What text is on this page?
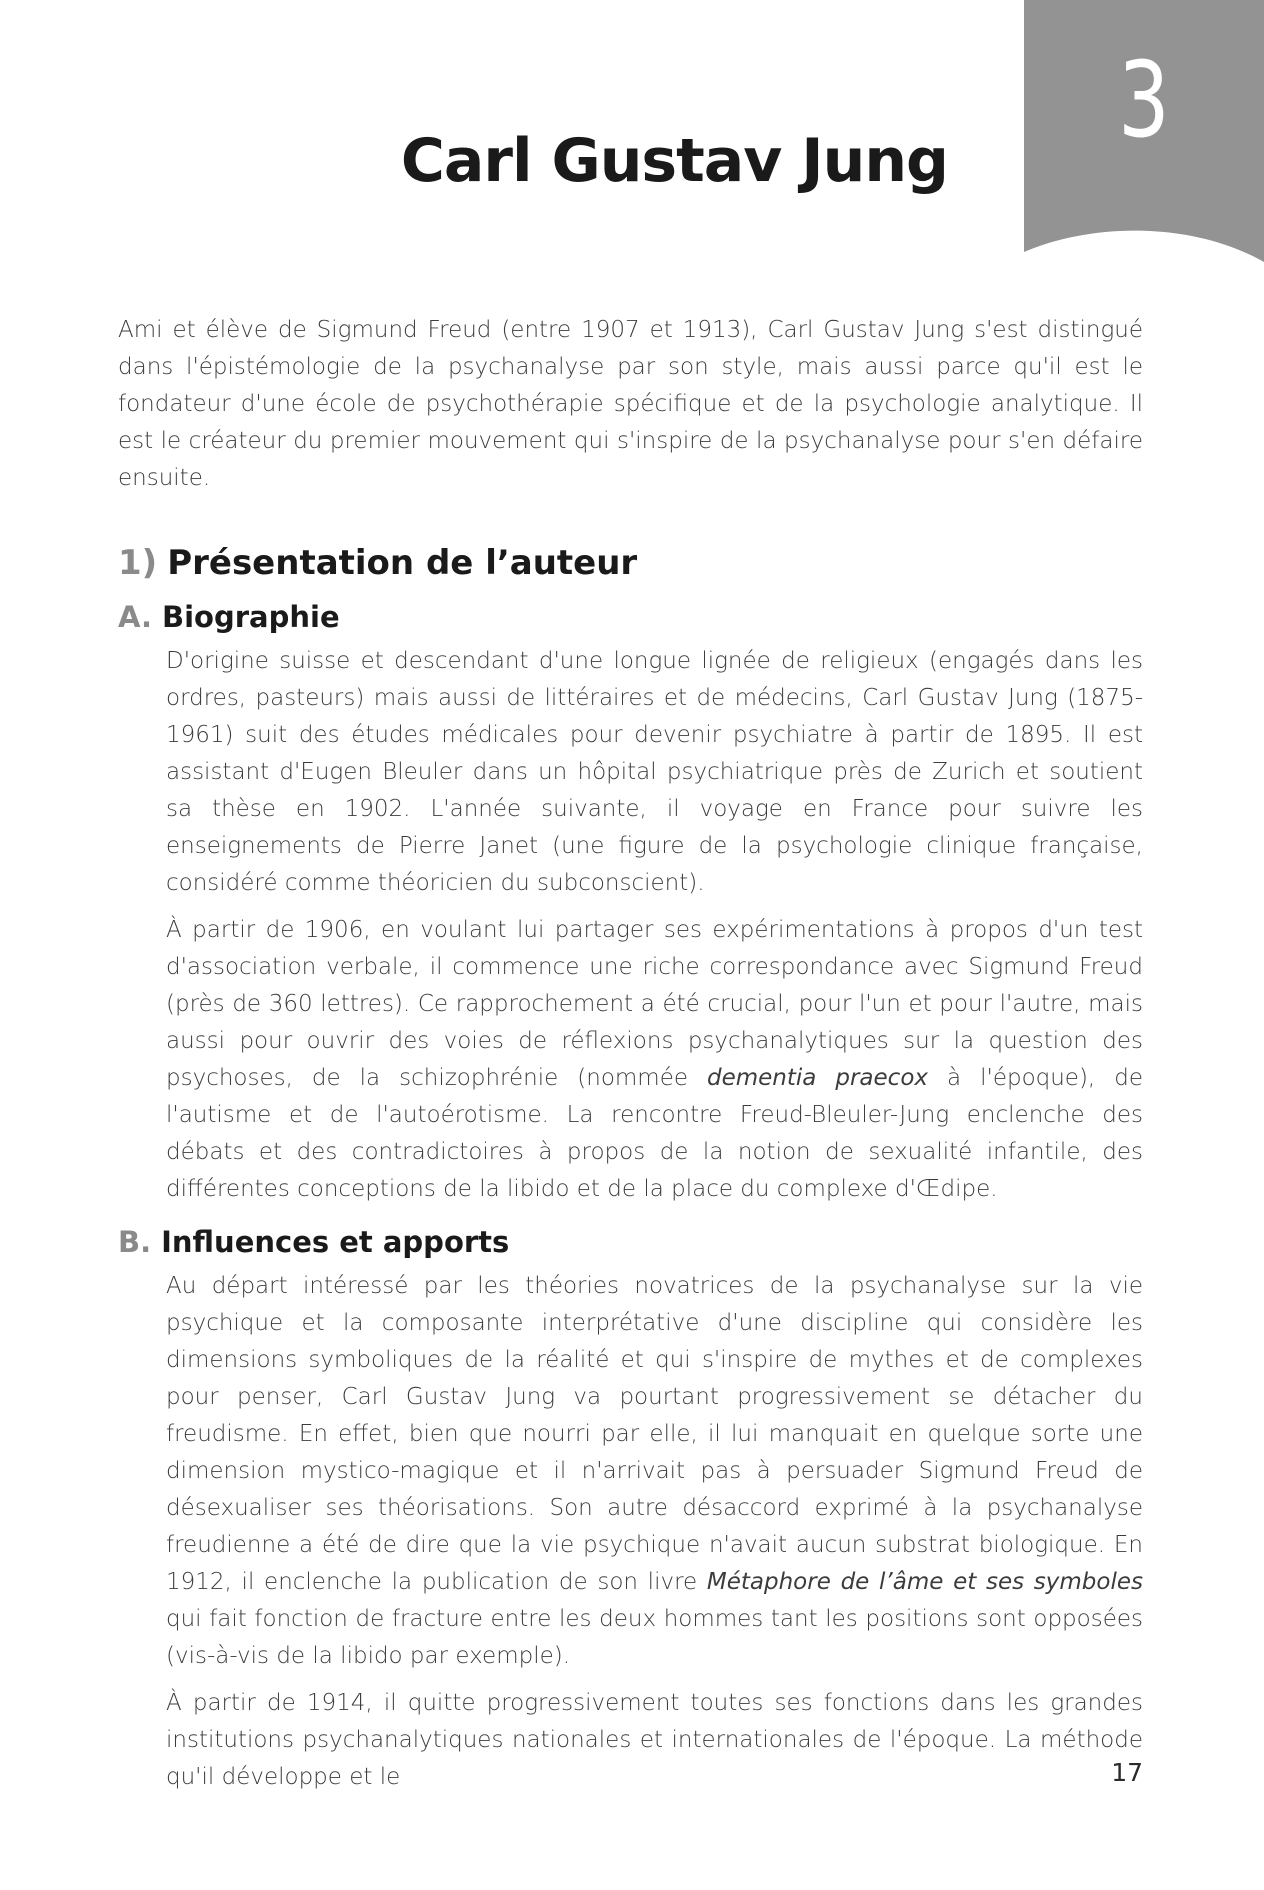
3
Carl Gustav Jung

Ami et élève de Sigmund Freud (entre 1907 et 1913), Carl Gustav Jung s'est distingué dans l'épistémologie de la psychanalyse par son style, mais aussi parce qu'il est le fondateur d'une école de psychothérapie spécifique et de la psychologie analytique. Il est le créateur du premier mouvement qui s'inspire de la psychanalyse pour s'en défaire ensuite.

1) Présentation de l’auteur
A. Biographie

D'origine suisse et descendant d'une longue lignée de religieux (engagés dans les ordres, pasteurs) mais aussi de littéraires et de médecins, Carl Gustav Jung (1875-1961) suit des études médicales pour devenir psychiatre à partir de 1895. Il est assistant d'Eugen Bleuler dans un hôpital psychiatrique près de Zurich et soutient sa thèse en 1902. L'année suivante, il voyage en France pour suivre les enseignements de Pierre Janet (une figure de la psychologie clinique française, considéré comme théoricien du subconscient).

À partir de 1906, en voulant lui partager ses expérimentations à propos d'un test d'association verbale, il commence une riche correspondance avec Sigmund Freud (près de 360 lettres). Ce rapprochement a été crucial, pour l'un et pour l'autre, mais aussi pour ouvrir des voies de réflexions psychanalytiques sur la question des psychoses, de la schizophrénie (nommée dementia praecox à l'époque), de l'autisme et de l'autoérotisme. La rencontre Freud-Bleuler-Jung enclenche des débats et des contradictoires à propos de la notion de sexualité infantile, des différentes conceptions de la libido et de la place du complexe d'Œdipe.

B. Influences et apports

Au départ intéressé par les théories novatrices de la psychanalyse sur la vie psychique et la composante interprétative d'une discipline qui considère les dimensions symboliques de la réalité et qui s'inspire de mythes et de complexes pour penser, Carl Gustav Jung va pourtant progressivement se détacher du freudisme. En effet, bien que nourri par elle, il lui manquait en quelque sorte une dimension mystico-magique et il n'arrivait pas à persuader Sigmund Freud de désexualiser ses théorisations. Son autre désaccord exprimé à la psychanalyse freudienne a été de dire que la vie psychique n'avait aucun substrat biologique. En 1912, il enclenche la publication de son livre Métaphore de l’âme et ses symboles qui fait fonction de fracture entre les deux hommes tant les positions sont opposées (vis-à-vis de la libido par exemple).

À partir de 1914, il quitte progressivement toutes ses fonctions dans les grandes institutions psychanalytiques nationales et internationales de l'époque. La méthode qu'il développe et le	17
